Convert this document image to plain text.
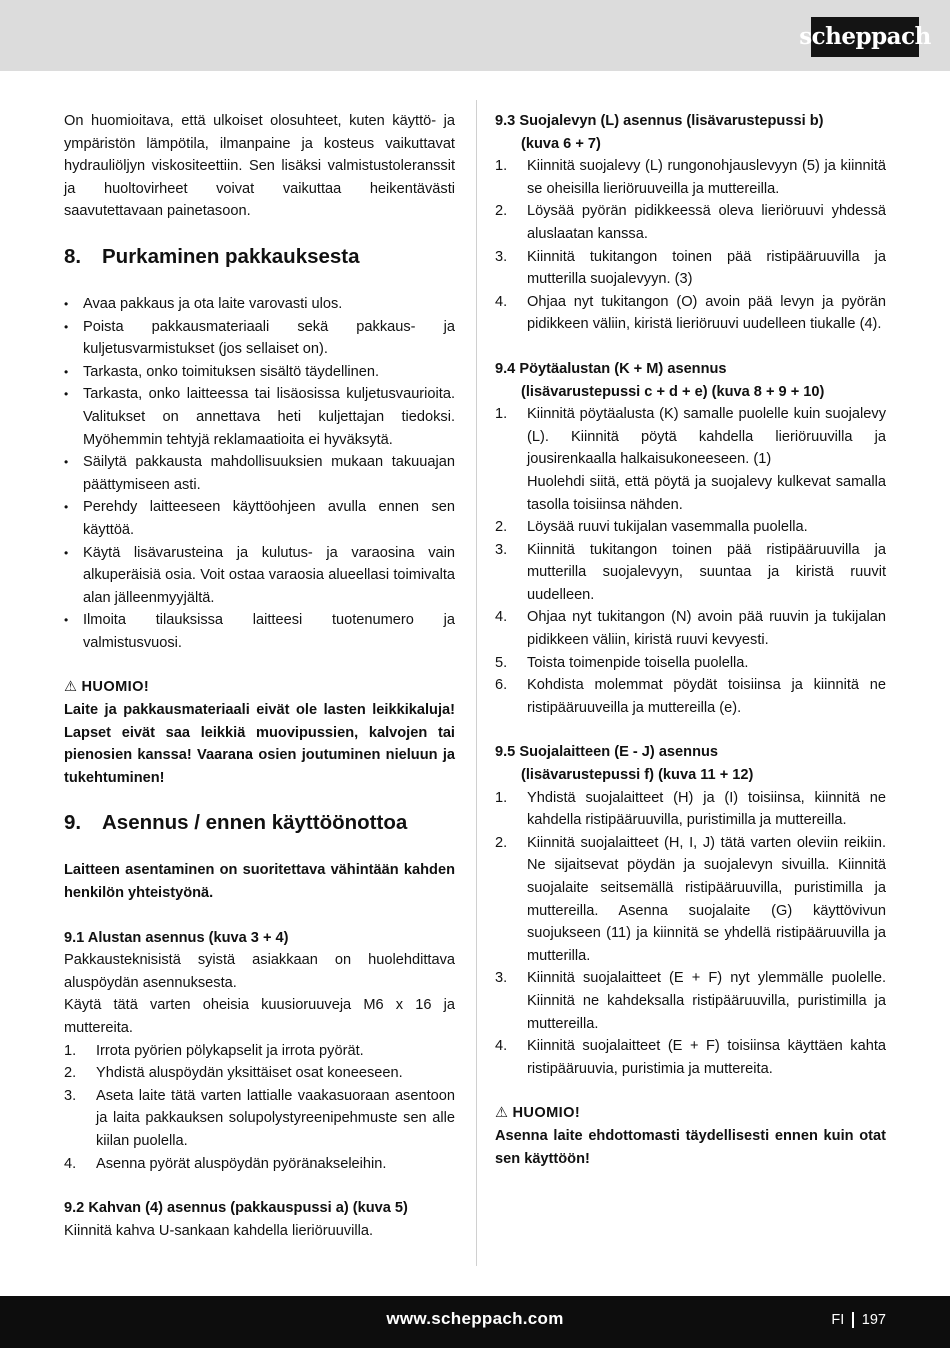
scheppach

On huomioitava, että ulkoiset olosuhteet, kuten käyttö- ja ympäristön lämpötila, ilmanpaine ja kosteus vaikuttavat hydrauliöljyn viskositeettiin. Sen lisäksi valmistustoleranssit ja huoltovirheet voivat vaikuttaa heikentävästi saavutettavaan painetasoon.

8.	Purkaminen pakkauksesta
• Avaa pakkaus ja ota laite varovasti ulos.
• Poista pakkausmateriaali sekä pakkaus- ja kuljetusvarmistukset (jos sellaiset on).
• Tarkasta, onko toimituksen sisältö täydellinen.
• Tarkasta, onko laitteessa tai lisäosissa kuljetusvaurioita. Valitukset on annettava heti kuljettajan tiedoksi. Myöhemmin tehtyjä reklamaatioita ei hyväksytä.
• Säilytä pakkausta mahdollisuuksien mukaan takuuajan päättymiseen asti.
• Perehdy laitteeseen käyttöohjeen avulla ennen sen käyttöä.
• Käytä lisävarusteina ja kulutus- ja varaosina vain alkuperäisiä osia. Voit ostaa varaosia alueellasi toimivalta alan jälleenmyyjältä.
• Ilmoita tilauksissa laitteesi tuotenumero ja valmistusvuosi.
⚠ HUOMIO!

Laite ja pakkausmateriaali eivät ole lasten leikkikaluja! Lapset eivät saa leikkiä muovipussien, kalvojen tai pienosien kanssa! Vaarana osien joutuminen nieluun ja tukehtuminen!

9.	Asennus / ennen käyttöönottoa

Laitteen asentaminen on suoritettava vähintään kahden henkilön yhteistyönä.

9.1 Alustan asennus (kuva 3 + 4)

Pakkausteknisistä syistä asiakkaan on huolehdittava aluspöydän asennuksesta.

Käytä tätä varten oheisia kuusioruuveja M6 x 16 ja muttereita.

1.	Irrota pyörien pölykapselit ja irrota pyörät.
2.	Yhdistä aluspöydän yksittäiset osat koneeseen.
3.	Aseta laite tätä varten lattialle vaakasuoraan asentoon ja laita pakkauksen solupolystyreenipehmuste sen alle kiilan puolella.
4.	Asenna pyörät aluspöydän pyöränakseleihin.
9.2 Kahvan (4) asennus (pakkauspussi a) (kuva 5)

Kiinnitä kahva U-sankaan kahdella lieriöruuvilla.

9.3 Suojalevyn (L) asennus (lisävarustepussi b)
(kuva 6 + 7)
1.	Kiinnitä suojalevy (L) rungonohjauslevyyn (5) ja kiinnitä se oheisilla lieriöruuveilla ja muttereilla.
2.	Löysää pyörän pidikkeessä oleva lieriöruuvi yhdessä aluslaatan kanssa.
3.	Kiinnitä tukitangon toinen pää ristipääruuvilla ja mutterilla suojalevyyn. (3)
4.	Ohjaa nyt tukitangon (O) avoin pää levyn ja pyörän pidikkeen väliin, kiristä lieriöruuvi uudelleen tiukalle (4).
9.4 Pöytäalustan (K + M) asennus
(lisävarustepussi c + d + e) (kuva 8 + 9 + 10)
1.	Kiinnitä pöytäalusta (K) samalle puolelle kuin suojalevy (L). Kiinnitä pöytä kahdella lieriöruuvilla ja jousirenkaalla halkaisukoneeseen. (1)
Huolehdi siitä, että pöytä ja suojalevy kulkevat samalla tasolla toisiinsa nähden.
2.	Löysää ruuvi tukijalan vasemmalla puolella.
3.	Kiinnitä tukitangon toinen pää ristipääruuvilla ja mutterilla suojalevyyn, suuntaa ja kiristä ruuvit uudelleen.
4.	Ohjaa nyt tukitangon (N) avoin pää ruuvin ja tukijalan pidikkeen väliin, kiristä ruuvi kevyesti.
5.	Toista toimenpide toisella puolella.
6.	Kohdista molemmat pöydät toisiinsa ja kiinnitä ne ristipääruuveilla ja muttereilla (e).
9.5 Suojalaitteen (E - J) asennus
(lisävarustepussi f) (kuva 11 + 12)
1.	Yhdistä suojalaitteet (H) ja (I) toisiinsa, kiinnitä ne kahdella ristipääruuvilla, puristimilla ja muttereilla.
2.	Kiinnitä suojalaitteet (H, I, J) tätä varten oleviin reikiin. Ne sijaitsevat pöydän ja suojalevyn sivuilla. Kiinnitä suojalaite seitsemällä ristipääruuvilla, puristimilla ja muttereilla. Asenna suojalaite (G) käyttövivun suojukseen (11) ja kiinnitä se yhdellä ristipääruuvilla ja mutterilla.
3.	Kiinnitä suojalaitteet (E + F) nyt ylemmälle puolelle. Kiinnitä ne kahdeksalla ristipääruuvilla, puristimilla ja muttereilla.
4.	Kiinnitä suojalaitteet (E + F) toisiinsa käyttäen kahta ristipääruuvia, puristimia ja muttereita.
⚠ HUOMIO!

Asenna laite ehdottomasti täydellisesti ennen kuin otat sen käyttöön!

www.scheppach.com	FI 197
